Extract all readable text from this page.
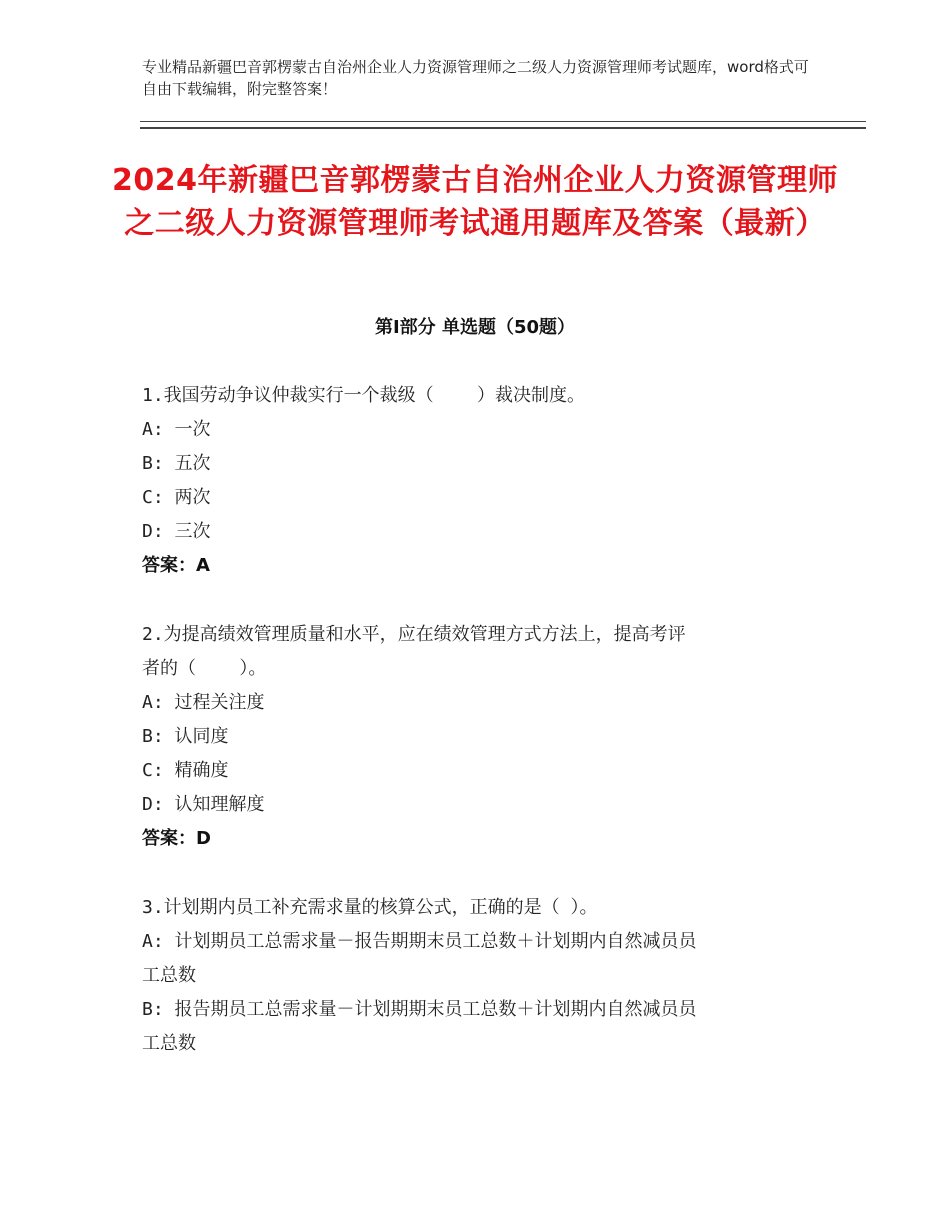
专业精品新疆巴音郭楞蒙古自治州企业人力资源管理师之二级人力资源管理师考试题库，word格式可自由下载编辑，附完整答案！
2024年新疆巴音郭楞蒙古自治州企业人力资源管理师之二级人力资源管理师考试通用题库及答案（最新）
第Ⅰ部分 单选题（50题）
1.我国劳动争议仲裁实行一个裁级（    ）裁决制度。
A: 一次
B: 五次
C: 两次
D: 三次
答案：A
2.为提高绩效管理质量和水平，应在绩效管理方式方法上，提高考评
者的（    ）。
A: 过程关注度
B: 认同度
C: 精确度
D: 认知理解度
答案：D
3.计划期内员工补充需求量的核算公式，正确的是（ ）。
A: 计划期员工总需求量－报告期期末员工总数＋计划期内自然减员员
工总数
B: 报告期员工总需求量－计划期期末员工总数＋计划期内自然减员员
工总数
